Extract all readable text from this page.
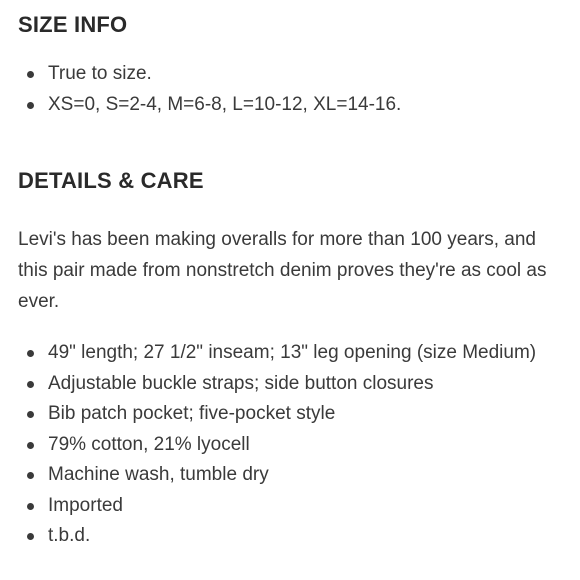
SIZE INFO
True to size.
XS=0, S=2-4, M=6-8, L=10-12, XL=14-16.
DETAILS & CARE

Levi's has been making overalls for more than 100 years, and this pair made from nonstretch denim proves they're as cool as ever.

49" length; 27 1/2" inseam; 13" leg opening (size Medium)
Adjustable buckle straps; side button closures
Bib patch pocket; five-pocket style
79% cotton, 21% lyocell
Machine wash, tumble dry
Imported
t.b.d.
